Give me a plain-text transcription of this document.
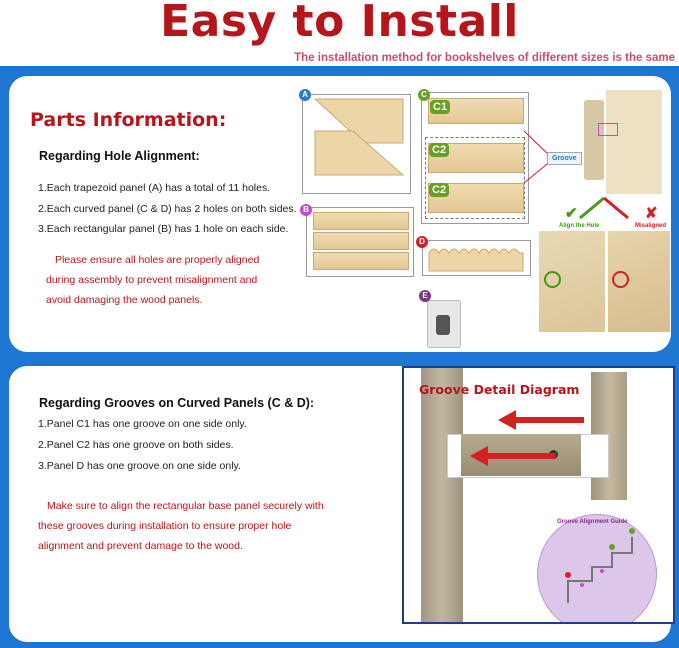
Easy to Install
The installation method for bookshelves of different sizes is the same
Parts Information:
Regarding Hole Alignment:
1.Each trapezoid panel (A) has a total of 11 holes.
2.Each curved panel (C & D) has 2 holes on both sides.
3.Each rectangular panel (B) has 1 hole on each side.
Please ensure all holes are properly aligned
during assembly to prevent misalignment and
avoid damaging the wood panels.
A
B
C
C1
C2
C2
Groove
D
E
✔	✘
Align the Hole	Misaligned
Regarding Grooves on Curved Panels (C & D):
1.Panel C1 has one groove on one side only.
2.Panel C2 has one groove on both sides.
3.Panel D has one groove on one side only.
Make sure to align the rectangular base panel securely with
these grooves during installation to ensure proper hole
alignment and prevent damage to the wood.
Groove Detail Diagram
Groove Alignment Guide
